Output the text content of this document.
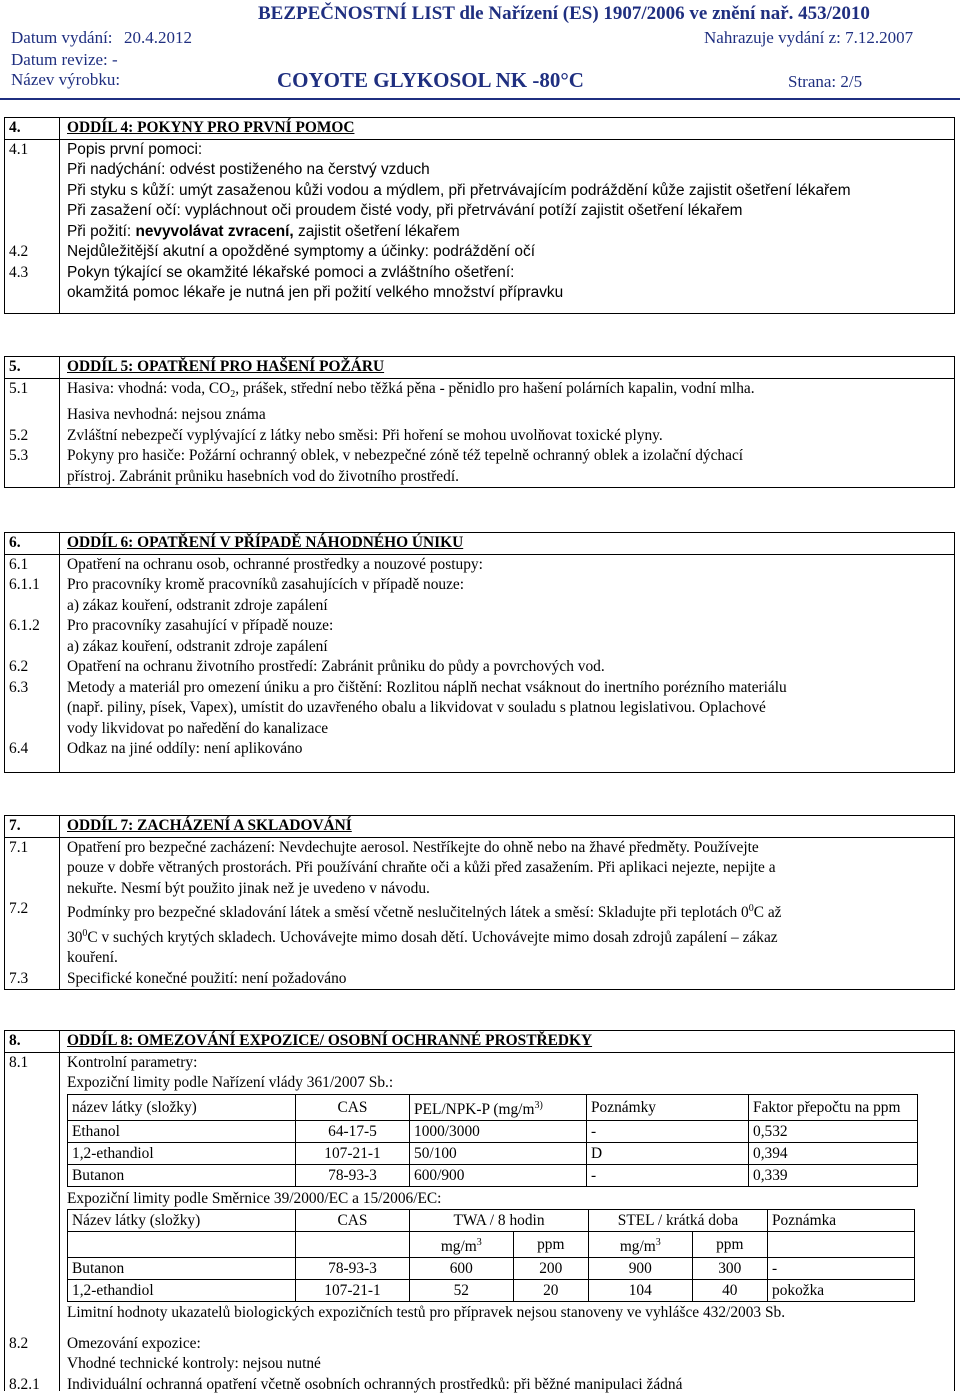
BEZPEČNOSTNÍ LIST dle Nařízení (ES) 1907/2006 ve znění nař. 453/2010
Datum vydání: 20.4.2012	Nahrazuje vydání z: 7.12.2007
Datum revize: -
Název výrobku:	COYOTE GLYKOSOL NK -80°C	Strana: 2/5
4.	ODDÍL 4: POKYNY PRO PRVNÍ POMOC
4.1	Popis první pomoci:
Při nadýchání: odvést postiženého na čerstvý vzduch
Při styku s kůží: umýt zasaženou kůži vodou a mýdlem, při přetrvávajícím podráždění kůže zajistit ošetření lékařem
Při zasažení očí: vypláchnout oči proudem čisté vody, při přetrvávání potíží zajistit ošetření lékařem
Při požití: nevyvolávat zvracení, zajistit ošetření lékařem
4.2	Nejdůležitější akutní a opožděné symptomy a účinky: podráždění očí
4.3	Pokyn týkající se okamžité lékařské pomoci a zvláštního ošetření:
okamžitá pomoc lékaře je nutná jen při požití velkého množství přípravku
5.	ODDÍL 5: OPATŘENÍ PRO HAŠENÍ POŽÁRU
5.1	Hasiva: vhodná: voda, $CO_2$, prášek, střední nebo těžká pěna - pěnidlo pro hašení polárních kapalin, vodní mlha.
Hasiva nevhodná: nejsou známa
5.2	Zvláštní nebezpečí vyplývající z látky nebo směsi: Při hoření se mohou uvolňovat toxické plyny.
5.3	Pokyny pro hasiče: Požární ochranný oblek, v nebezpečné zóně též tepelně ochranný oblek a izolační dýchací
přístroj. Zabránit průniku hasebních vod do životního prostředí.
6.	ODDÍL 6: OPATŘENÍ V PŘÍPADĚ NÁHODNÉHO ÚNIKU
6.1	Opatření na ochranu osob, ochranné prostředky a nouzové postupy:
6.1.1 Pro pracovníky kromě pracovníků zasahujících v případě nouze:
a) zákaz kouření, odstranit zdroje zapálení
6.1.2 Pro pracovníky zasahující v případě nouze:
a) zákaz kouření, odstranit zdroje zapálení
6.2	Opatření na ochranu životního prostředí: Zabránit průniku do půdy a povrchových vod.
6.3	Metody a materiál pro omezení úniku a pro čištění: Rozlitou náplň nechat vsáknout do inertního porézního materiálu
(např. piliny, písek, Vapex), umístit do uzavřeného obalu a likvidovat v souladu s platnou legislativou. Oplachové
vody likvidovat po naředění do kanalizace
6.4	Odkaz na jiné oddíly: není aplikováno
7.	ODDÍL 7: ZACHÁZENÍ A SKLADOVÁNÍ
7.1	Opatření pro bezpečné zacházení: Nevdechujte aerosol. Nestříkejte do ohně nebo na žhavé předměty. Používejte
pouze v dobře větraných prostorách. Při používání chraňte oči a kůži před zasažením. Při aplikaci nejezte, nepijte a
nekuřte. Nesmí být použito jinak než je uvedeno v návodu.
7.2	Podmínky pro bezpečné skladování látek a směsí včetně neslučitelných látek a směsí: Skladujte při teplotách $0^0C$ až
$30^0C$ v suchých krytých skladech. Uchovávejte mimo dosah dětí. Uchovávejte mimo dosah zdrojů zapálení – zákaz
kouření.
7.3	Specifické konečné použití: není požadováno
8.	ODDÍL 8: OMEZOVÁNÍ EXPOZICE/ OSOBNÍ OCHRANNÉ PROSTŘEDKY
8.1	Kontrolní parametry:
Expoziční limity podle Nařízení vlády 361/2007 Sb.:
název látky (složky)	CAS	PEL/NPK-P ($mg/m^{3)}$	Poznámky	Faktor přepočtu na ppm
Ethanol	64-17-5	1000/3000	-	0,532
1,2-ethandiol	107-21-1	50/100	D	0,394
Butanon	78-93-3	600/900	-	0,339
Expoziční limity podle Směrnice 39/2000/EC a 15/2006/EC:
Název látky (složky)	CAS	TWA / 8 hodin		STEL / krátká doba		Poznámka
		$mg/m^3$	ppm	$mg/m^3$	ppm	
Butanon	78-93-3	600	200	900	300	-
1,2-ethandiol	107-21-1	52	20	104	40	pokožka
Limitní hodnoty ukazatelů biologických expozičních testů pro přípravek nejsou stanoveny ve vyhlášce 432/2003 Sb.
8.2	Omezování expozice:
Vhodné technické kontroly: nejsou nutné
8.2.1 Individuální ochranná opatření včetně osobních ochranných prostředků: při běžné manipulaci žádná
